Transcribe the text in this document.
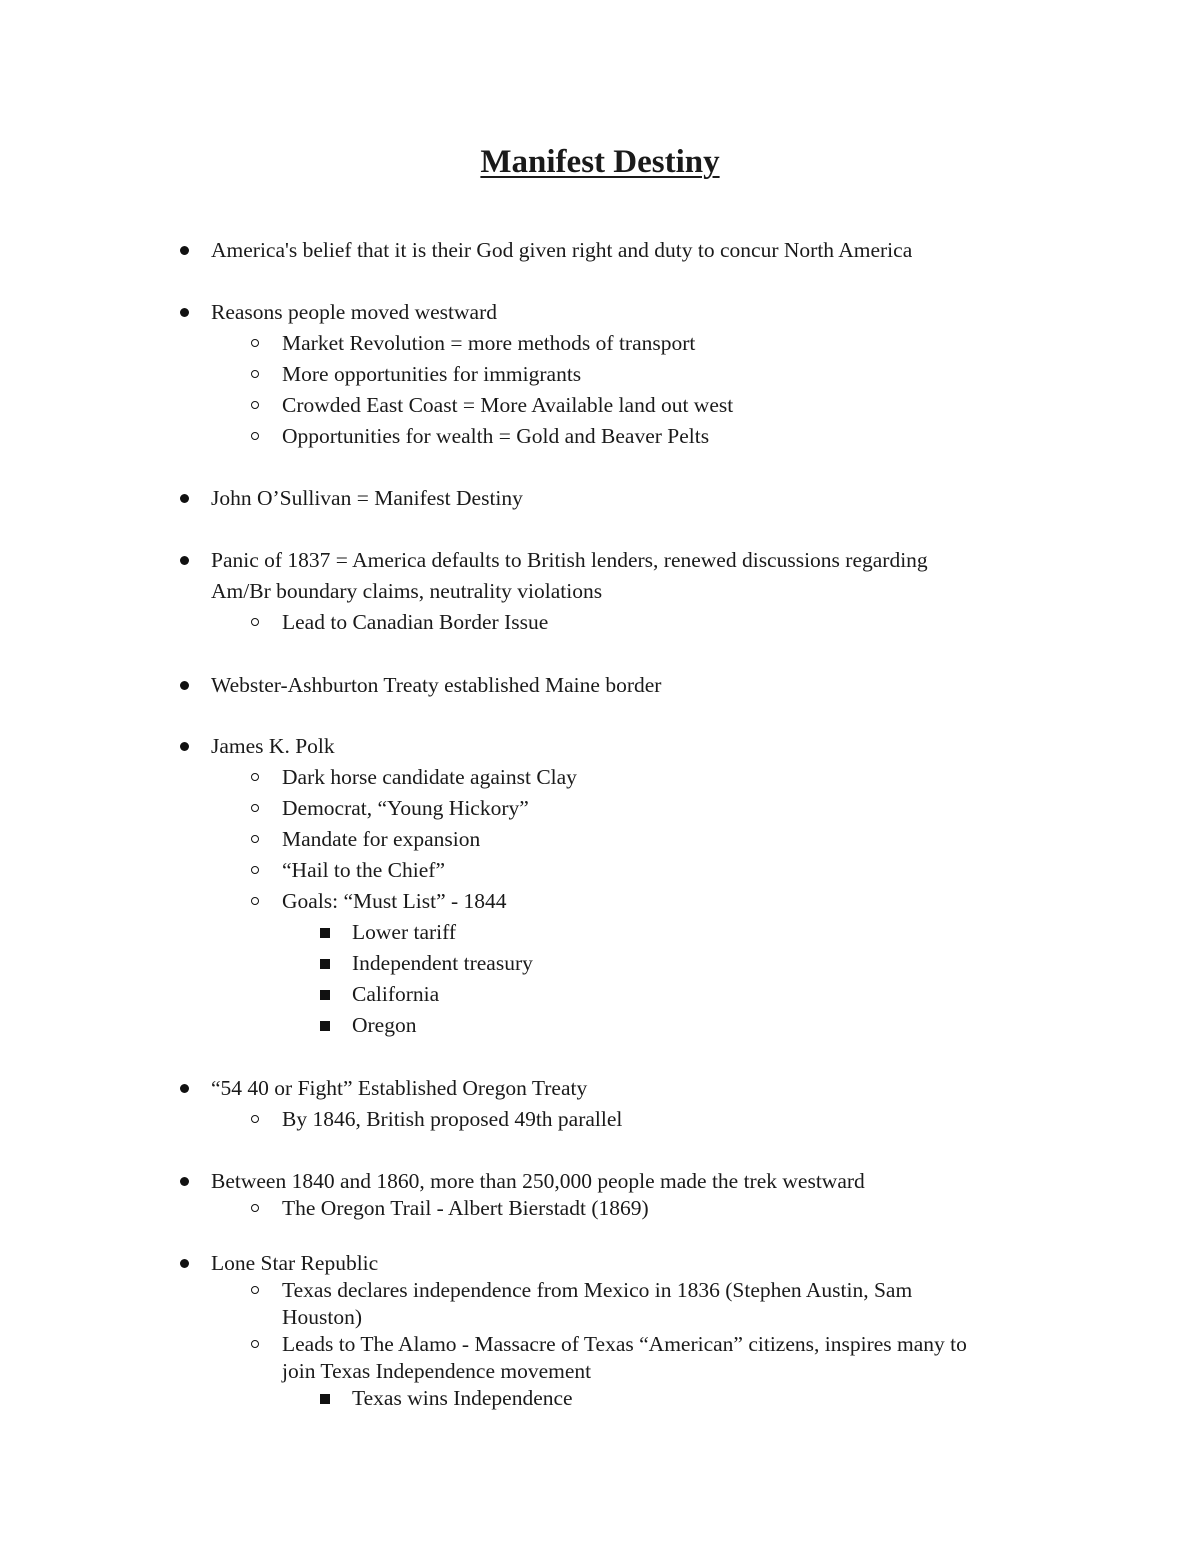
Manifest Destiny
America's belief that it is their God given right and duty to concur North America
Reasons people moved westward
Market Revolution = more methods of transport
More opportunities for immigrants
Crowded East Coast = More Available land out west
Opportunities for wealth = Gold and Beaver Pelts
John O’Sullivan = Manifest Destiny
Panic of 1837 = America defaults to British lenders, renewed discussions regarding
Am/Br boundary claims, neutrality violations
Lead to Canadian Border Issue
Webster-Ashburton Treaty established Maine border
James K. Polk
Dark horse candidate against Clay
Democrat, “Young Hickory”
Mandate for expansion
“Hail to the Chief”
Goals: “Must List” - 1844
Lower tariff
Independent treasury
California
Oregon
“54 40 or Fight” Established Oregon Treaty
By 1846, British proposed 49th parallel
Between 1840 and 1860, more than 250,000 people made the trek westward
The Oregon Trail - Albert Bierstadt (1869)
Lone Star Republic
Texas declares independence from Mexico in 1836 (Stephen Austin, Sam
Houston)
Leads to The Alamo - Massacre of Texas “American” citizens, inspires many to
join Texas Independence movement
Texas wins Independence
